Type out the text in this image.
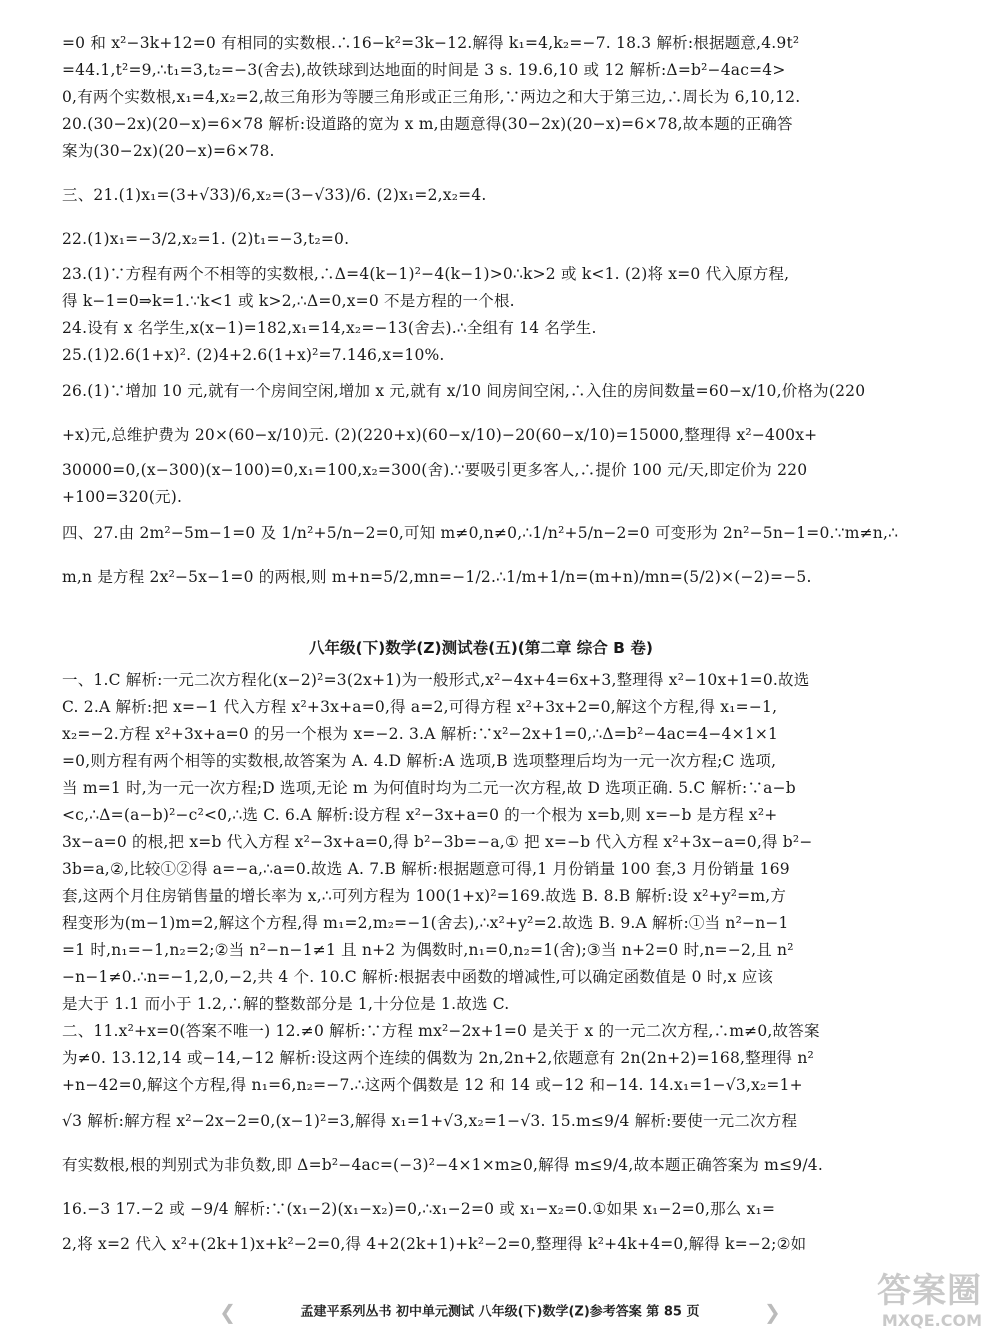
=0 和 x²−3k+12=0 有相同的实数根.∴16−k²=3k−12.解得 k₁=4,k₂=−7. 18.3 解析:根据题意,4.9t²
=44.1,t²=9,∴t₁=3,t₂=−3(舍去),故铁球到达地面的时间是 3 s. 19.6,10 或 12 解析:Δ=b²−4ac=4>
0,有两个实数根,x₁=4,x₂=2,故三角形为等腰三角形或正三角形,∵两边之和大于第三边,∴周长为 6,10,12.
20.(30−2x)(20−x)=6×78 解析:设道路的宽为 x m,由题意得(30−2x)(20−x)=6×78,故本题的正确答
案为(30−2x)(20−x)=6×78.
三、21.(1)x₁=(3+√33)/6,x₂=(3−√33)/6. (2)x₁=2,x₂=4.
22.(1)x₁=−3/2,x₂=1. (2)t₁=−3,t₂=0.
23.(1)∵方程有两个不相等的实数根,∴Δ=4(k−1)²−4(k−1)>0∴k>2 或 k<1. (2)将 x=0 代入原方程,
得 k−1=0⇒k=1.∵k<1 或 k>2,∴Δ=0,x=0 不是方程的一个根.
24.设有 x 名学生,x(x−1)=182,x₁=14,x₂=−13(舍去).∴全组有 14 名学生.
25.(1)2.6(1+x)². (2)4+2.6(1+x)²=7.146,x=10%.
26.(1)∵增加 10 元,就有一个房间空闲,增加 x 元,就有 x/10 间房间空闲,∴入住的房间数量=60−x/10,价格为(220
+x)元,总维护费为 20×(60−x/10)元. (2)(220+x)(60−x/10)−20(60−x/10)=15000,整理得 x²−400x+
30000=0,(x−300)(x−100)=0,x₁=100,x₂=300(舍).∵要吸引更多客人,∴提价 100 元/天,即定价为 220
+100=320(元).
四、27.由 2m²−5m−1=0 及 1/n²+5/n−2=0,可知 m≠0,n≠0,∴1/n²+5/n−2=0 可变形为 2n²−5n−1=0.∵m≠n,∴
m,n 是方程 2x²−5x−1=0 的两根,则 m+n=5/2,mn=−1/2.∴1/m+1/n=(m+n)/mn=(5/2)×(−2)=−5.
八年级(下)数学(Z)测试卷(五)(第二章 综合 B 卷)
一、1.C 解析:一元二次方程化(x−2)²=3(2x+1)为一般形式,x²−4x+4=6x+3,整理得 x²−10x+1=0.故选
C. 2.A 解析:把 x=−1 代入方程 x²+3x+a=0,得 a=2,可得方程 x²+3x+2=0,解这个方程,得 x₁=−1,
x₂=−2.方程 x²+3x+a=0 的另一个根为 x=−2. 3.A 解析:∵x²−2x+1=0,∴Δ=b²−4ac=4−4×1×1
=0,则方程有两个相等的实数根,故答案为 A. 4.D 解析:A 选项,B 选项整理后均为一元一次方程;C 选项,
当 m=1 时,为一元一次方程;D 选项,无论 m 为何值时均为二元一次方程,故 D 选项正确. 5.C 解析:∵a−b
<c,∴Δ=(a−b)²−c²<0,∴选 C. 6.A 解析:设方程 x²−3x+a=0 的一个根为 x=b,则 x=−b 是方程 x²+
3x−a=0 的根,把 x=b 代入方程 x²−3x+a=0,得 b²−3b=−a,① 把 x=−b 代入方程 x²+3x−a=0,得 b²−
3b=a,②,比较①②得 a=−a,∴a=0.故选 A. 7.B 解析:根据题意可得,1 月份销量 100 套,3 月份销量 169
套,这两个月住房销售量的增长率为 x,∴可列方程为 100(1+x)²=169.故选 B. 8.B 解析:设 x²+y²=m,方
程变形为(m−1)m=2,解这个方程,得 m₁=2,m₂=−1(舍去),∴x²+y²=2.故选 B. 9.A 解析:①当 n²−n−1
=1 时,n₁=−1,n₂=2;②当 n²−n−1≠1 且 n+2 为偶数时,n₁=0,n₂=1(舍);③当 n+2=0 时,n=−2,且 n²
−n−1≠0.∴n=−1,2,0,−2,共 4 个. 10.C 解析:根据表中函数的增减性,可以确定函数值是 0 时,x 应该
是大于 1.1 而小于 1.2,∴解的整数部分是 1,十分位是 1.故选 C.
二、11.x²+x=0(答案不唯一) 12.≠0 解析:∵方程 mx²−2x+1=0 是关于 x 的一元二次方程,∴m≠0,故答案
为≠0. 13.12,14 或−14,−12 解析:设这两个连续的偶数为 2n,2n+2,依题意有 2n(2n+2)=168,整理得 n²
+n−42=0,解这个方程,得 n₁=6,n₂=−7.∴这两个偶数是 12 和 14 或−12 和−14. 14.x₁=1−√3,x₂=1+
√3 解析:解方程 x²−2x−2=0,(x−1)²=3,解得 x₁=1+√3,x₂=1−√3. 15.m≤9/4 解析:要使一元二次方程
有实数根,根的判别式为非负数,即 Δ=b²−4ac=(−3)²−4×1×m≥0,解得 m≤9/4,故本题正确答案为 m≤9/4.
16.−3 17.−2 或 −9/4 解析:∵(x₁−2)(x₁−x₂)=0,∴x₁−2=0 或 x₁−x₂=0.①如果 x₁−2=0,那么 x₁=
2,将 x=2 代入 x²+(2k+1)x+k²−2=0,得 4+2(2k+1)+k²−2=0,整理得 k²+4k+4=0,解得 k=−2;②如
❮	孟建平系列丛书 初中单元测试 八年级(下)数学(Z)参考答案 第 85 页	❯
答案圈
MXQE.COM
